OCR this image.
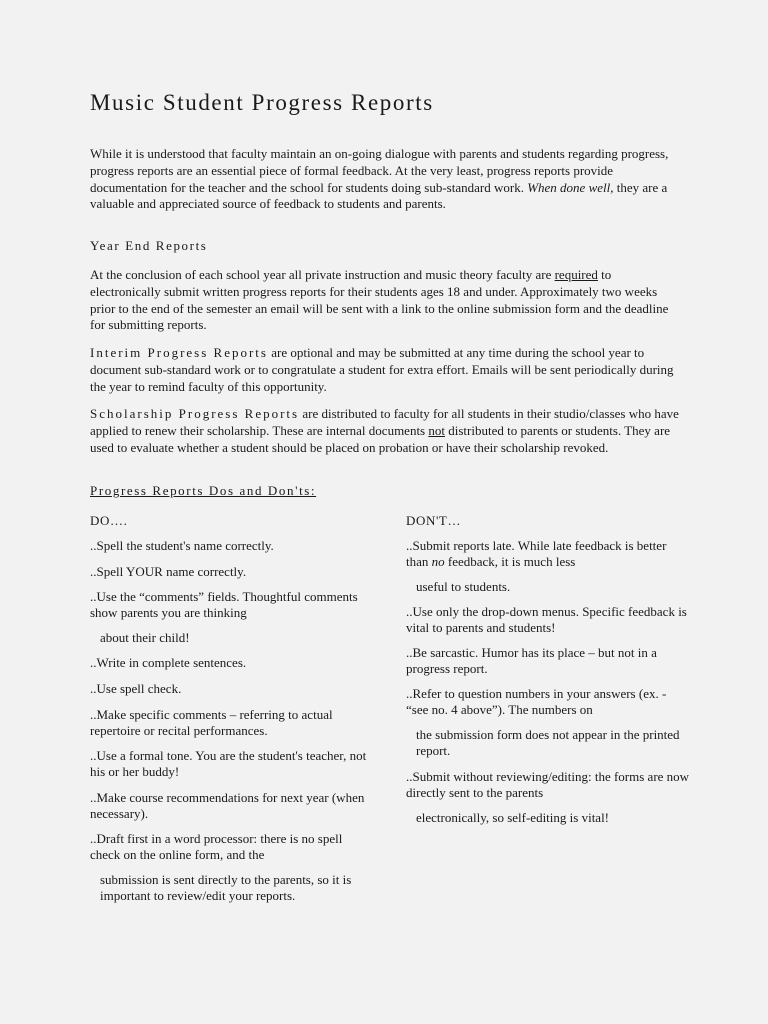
Music Student Progress Reports

While it is understood that faculty maintain an on-going dialogue with parents and students regarding progress, progress reports are an essential piece of formal feedback. At the very least, progress reports provide documentation for the teacher and the school for students doing sub-standard work. When done well, they are a valuable and appreciated source of feedback to students and parents.

Year End Reports

At the conclusion of each school year all private instruction and music theory faculty are required to electronically submit written progress reports for their students ages 18 and under. Approximately two weeks prior to the end of the semester an email will be sent with a link to the online submission form and the deadline for submitting reports.

Interim Progress Reports are optional and may be submitted at any time during the school year to document sub-standard work or to congratulate a student for extra effort. Emails will be sent periodically during the year to remind faculty of this opportunity.

Scholarship Progress Reports are distributed to faculty for all students in their studio/classes who have applied to renew their scholarship. These are internal documents not distributed to parents or students. They are used to evaluate whether a student should be placed on probation or have their scholarship revoked.

Progress Reports Dos and Don'ts:
DO….

..Spell the student's name correctly.

..Spell YOUR name correctly.

..Use the “comments” fields. Thoughtful comments show parents you are thinking

about their child!

..Write in complete sentences.

..Use spell check.

..Make specific comments – referring to actual repertoire or recital performances.

..Use a formal tone. You are the student's teacher, not his or her buddy!

..Make course recommendations for next year (when necessary).

..Draft first in a word processor: there is no spell check on the online form, and the

submission is sent directly to the parents, so it is important to review/edit your reports.

DON'T…

..Submit reports late. While late feedback is better than no feedback, it is much less

useful to students.

..Use only the drop-down menus. Specific feedback is vital to parents and students!

..Be sarcastic. Humor has its place – but not in a progress report.

..Refer to question numbers in your answers (ex. - “see no. 4 above”). The numbers on

the submission form does not appear in the printed report.

..Submit without reviewing/editing: the forms are now directly sent to the parents

electronically, so self-editing is vital!
